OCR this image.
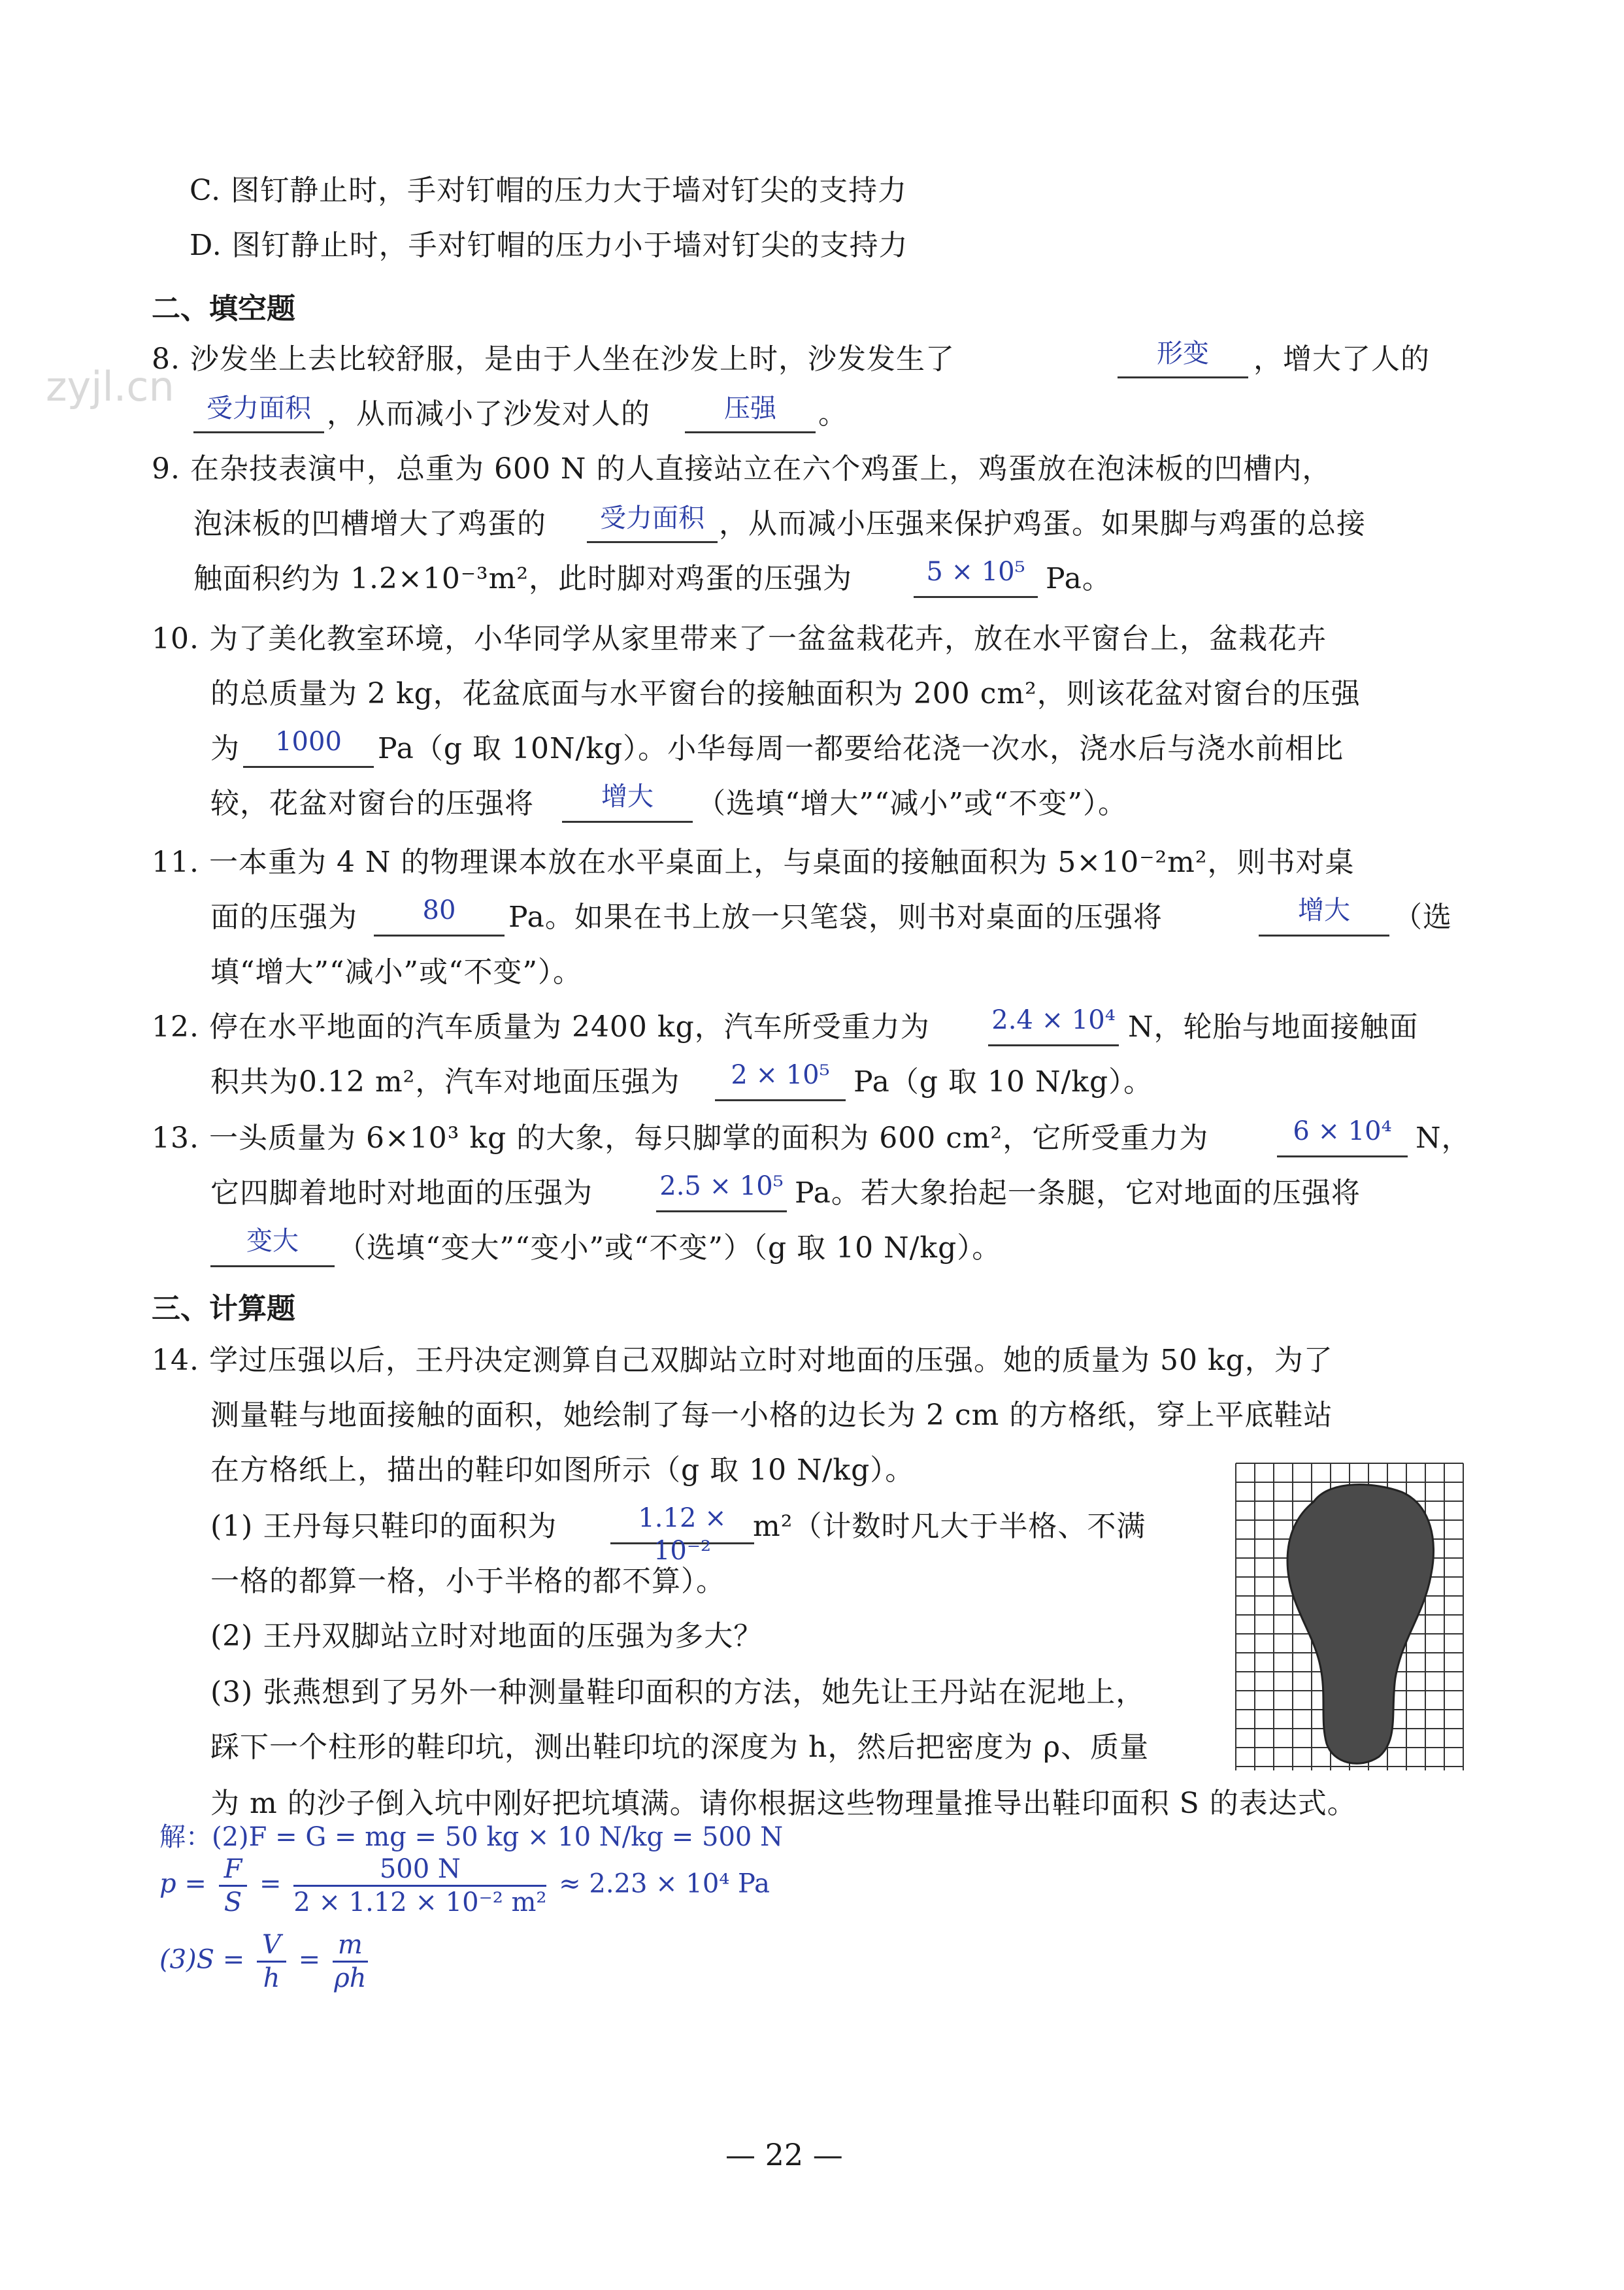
zyjl.cn
C. 图钉静止时，手对钉帽的压力大于墙对钉尖的支持力
D. 图钉静止时，手对钉帽的压力小于墙对钉尖的支持力
二、填空题
8. 沙发坐上去比较舒服，是由于人坐在沙发上时，沙发发生了	形变	，增大了人的
受力面积 ，从而减小了沙发对人的	压强	。
9. 在杂技表演中，总重为 600 N 的人直接站立在六个鸡蛋上，鸡蛋放在泡沫板的凹槽内，
泡沫板的凹槽增大了鸡蛋的	受力面积 ，从而减小压强来保护鸡蛋。如果脚与鸡蛋的总接
触面积约为 1.2×10⁻³m²，此时脚对鸡蛋的压强为	5 × 10⁵ Pa。
10. 为了美化教室环境，小华同学从家里带来了一盆盆栽花卉，放在水平窗台上，盆栽花卉
的总质量为 2 kg，花盆底面与水平窗台的接触面积为 200 cm²，则该花盆对窗台的压强
为	1000	Pa（g 取 10N/kg）。小华每周一都要给花浇一次水，浇水后与浇水前相比
较，花盆对窗台的压强将	增大	（选填“增大”“减小”或“不变”）。
11. 一本重为 4 N 的物理课本放在水平桌面上，与桌面的接触面积为 5×10⁻²m²，则书对桌
面的压强为	80	Pa。如果在书上放一只笔袋，则书对桌面的压强将	增大	（选
填“增大”“减小”或“不变”）。
12. 停在水平地面的汽车质量为 2400 kg，汽车所受重力为 2.4 × 10⁴ N，轮胎与地面接触面
积共为0.12 m²，汽车对地面压强为	2 × 10⁵ Pa（g 取 10 N/kg）。
13. 一头质量为 6×10³ kg 的大象，每只脚掌的面积为 600 cm²，它所受重力为	6 × 10⁴ N，
它四脚着地时对地面的压强为	2.5 × 10⁵ Pa。若大象抬起一条腿，它对地面的压强将
变大	（选填“变大”“变小”或“不变”）（g 取 10 N/kg）。
三、计算题
14. 学过压强以后，王丹决定测算自己双脚站立时对地面的压强。她的质量为 50 kg，为了
测量鞋与地面接触的面积，她绘制了每一小格的边长为 2 cm 的方格纸，穿上平底鞋站
在方格纸上，描出的鞋印如图所示（g 取 10 N/kg）。
(1) 王丹每只鞋印的面积为	1.12 × 10⁻²
m²（计数时凡大于半格、不满
一格的都算一格，小于半格的都不算）。
(2) 王丹双脚站立时对地面的压强为多大？
(3) 张燕想到了另外一种测量鞋印面积的方法，她先让王丹站在泥地上，
踩下一个柱形的鞋印坑，测出鞋印坑的深度为 h，然后把密度为 ρ、质量
为 m 的沙子倒入坑中刚好把坑填满。请你根据这些物理量推导出鞋印面积 S 的表达式。
解：(2)F = G = mg = 50 kg × 10 N/kg = 500 N
$p = \frac{F}{S} = \frac{500 N}{\text{2 × 1.12 × 10⁻² m²}} \approx 2.23 \times 10^4$ Pa
$(3)S = \frac{V}{h} = \frac{m}{\rho h}$
— 22 —
